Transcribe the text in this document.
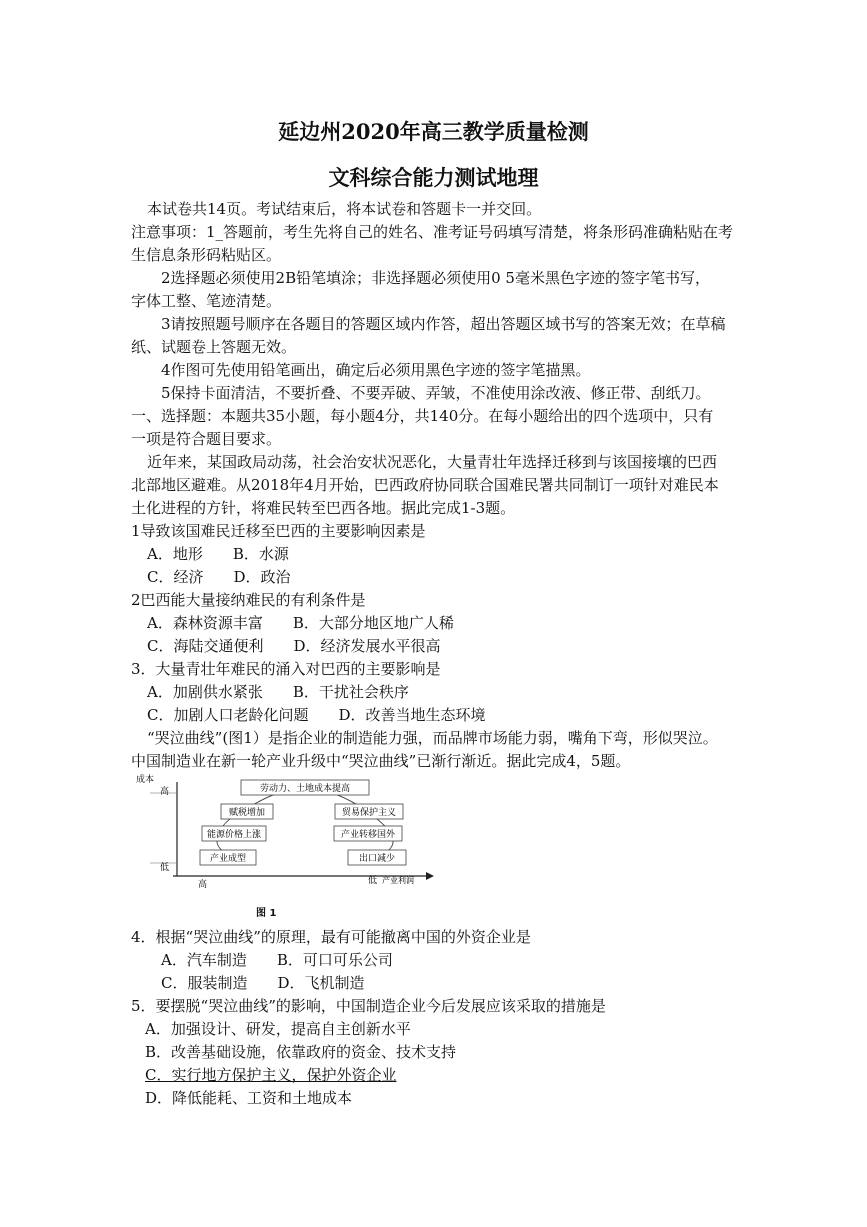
延边州2020年高三教学质量检测
文科综合能力测试地理
本试卷共14页。考试结束后，将本试卷和答题卡一并交回。
注意事项：1_答题前，考生先将自己的姓名、准考证号码填写清楚，将条形码准确粘贴在考
生信息条形码粘贴区。
2选择题必须使用2B铅笔填涂；非选择题必须使用0 5毫米黑色字迹的签字笔书写，
字体工整、笔迹清楚。
3请按照题号顺序在各题目的答题区域内作答，超出答题区域书写的答案无效；在草稿
纸、试题卷上答题无效。
4作图可先使用铅笔画出，确定后必须用黑色字迹的签字笔描黑。
5保持卡面清洁，不要折叠、不要弄破、弄皱，不准使用涂改液、修正带、刮纸刀。
一、选择题：本题共35小题，每小题4分，共140分。在每小题给出的四个选项中，只有
一项是符合题目要求。
近年来，某国政局动荡，社会治安状况恶化，大量青壮年选择迁移到与该国接壤的巴西
北部地区避难。从2018年4月开始，巴西政府协同联合国难民署共同制订一项针对难民本
土化进程的方针，将难民转至巴西各地。据此完成1-3题。
1导致该国难民迁移至巴西的主要影响因素是
A．地形　　B．水源
C．经济　　D．政治
2巴西能大量接纳难民的有利条件是
A．森林资源丰富　　B．大部分地区地广人稀
C．海陆交通便利　　D．经济发展水平很高
3．大量青壮年难民的涌入对巴西的主要影响是
A．加剧供水紧张　　B．干扰社会秩序
C．加剧人口老龄化问题　　D．改善当地生态环境
“哭泣曲线”(图1）是指企业的制造能力强，而品牌市场能力弱，嘴角下弯，形似哭泣。
中国制造业在新一轮产业升级中“哭泣曲线”已渐行渐近。据此完成4，5题。
成本
高
低
高	低 产业利润
劳动力、土地成本提高
赋税增加	贸易保护主义
能源价格上涨	产业转移国外
产业成型	出口减少
图 1
4．根据“哭泣曲线”的原理，最有可能撤离中国的外资企业是
A．汽车制造　　B．可口可乐公司
C．服装制造　　D．飞机制造
5．要摆脱“哭泣曲线”的影响，中国制造企业今后发展应该采取的措施是
A．加强设计、研发，提高自主创新水平
B．改善基础设施，依靠政府的资金、技术支持
C．实行地方保护主义，保护外资企业
D．降低能耗、工资和土地成本
